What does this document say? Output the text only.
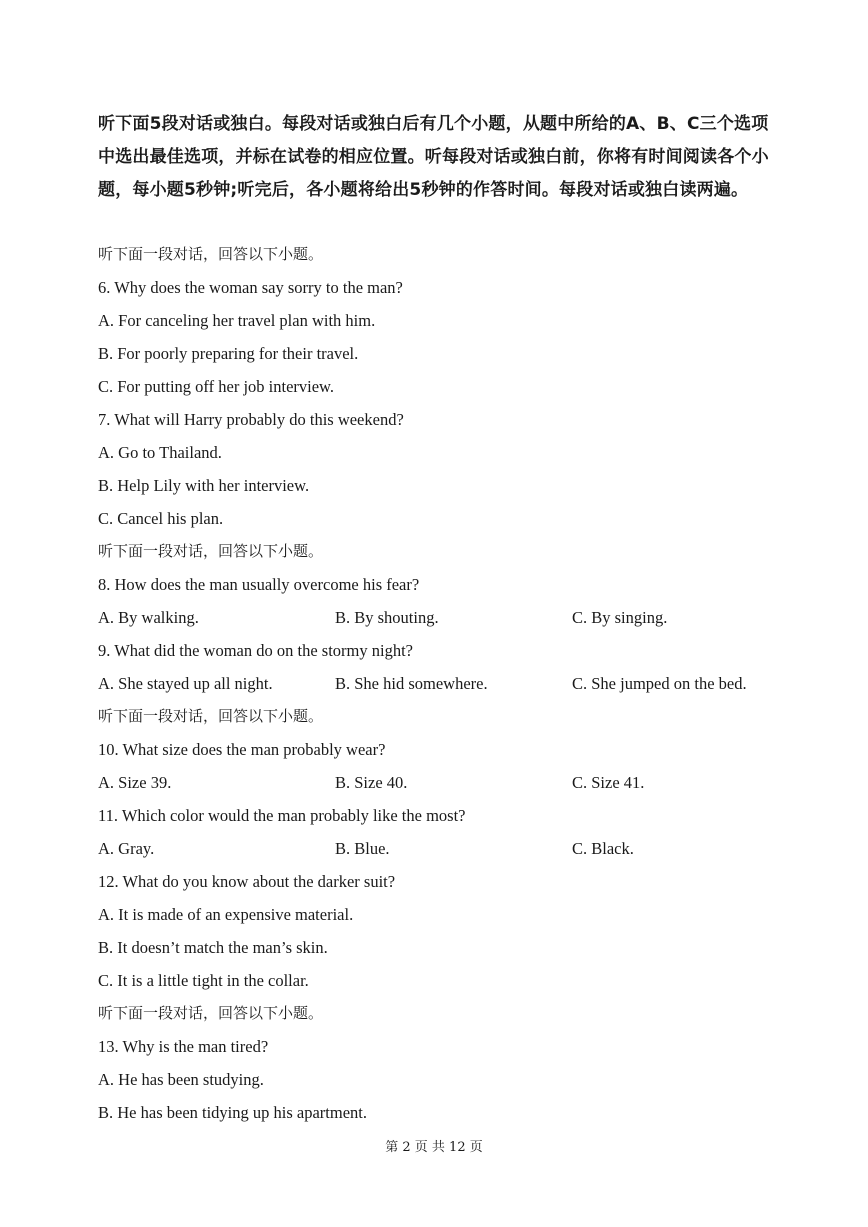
听下面5段对话或独白。每段对话或独白后有几个小题，从题中所给的A、B、C三个选项中选出最佳选项，并标在试卷的相应位置。听每段对话或独白前，你将有时间阅读各个小题，每小题5秒钟;听完后，各小题将给出5秒钟的作答时间。每段对话或独白读两遍。
听下面一段对话，回答以下小题。
6. Why does the woman say sorry to the man?
A. For canceling her travel plan with him.
B. For poorly preparing for their travel.
C. For putting off her job interview.
7. What will Harry probably do this weekend?
A. Go to Thailand.
B. Help Lily with her interview.
C. Cancel his plan.
听下面一段对话，回答以下小题。
8. How does the man usually overcome his fear?
A. By walking.	B. By shouting.	C. By singing.
9. What did the woman do on the stormy night?
A. She stayed up all night.	B. She hid somewhere.	C. She jumped on the bed.
听下面一段对话，回答以下小题。
10. What size does the man probably wear?
A. Size 39.	B. Size 40.	C. Size 41.
11. Which color would the man probably like the most?
A. Gray.	B. Blue.	C. Black.
12. What do you know about the darker suit?
A. It is made of an expensive material.
B. It doesn’t match the man’s skin.
C. It is a little tight in the collar.
听下面一段对话，回答以下小题。
13. Why is the man tired?
A. He has been studying.
B. He has been tidying up his apartment.
第 2 页 共 12 页
